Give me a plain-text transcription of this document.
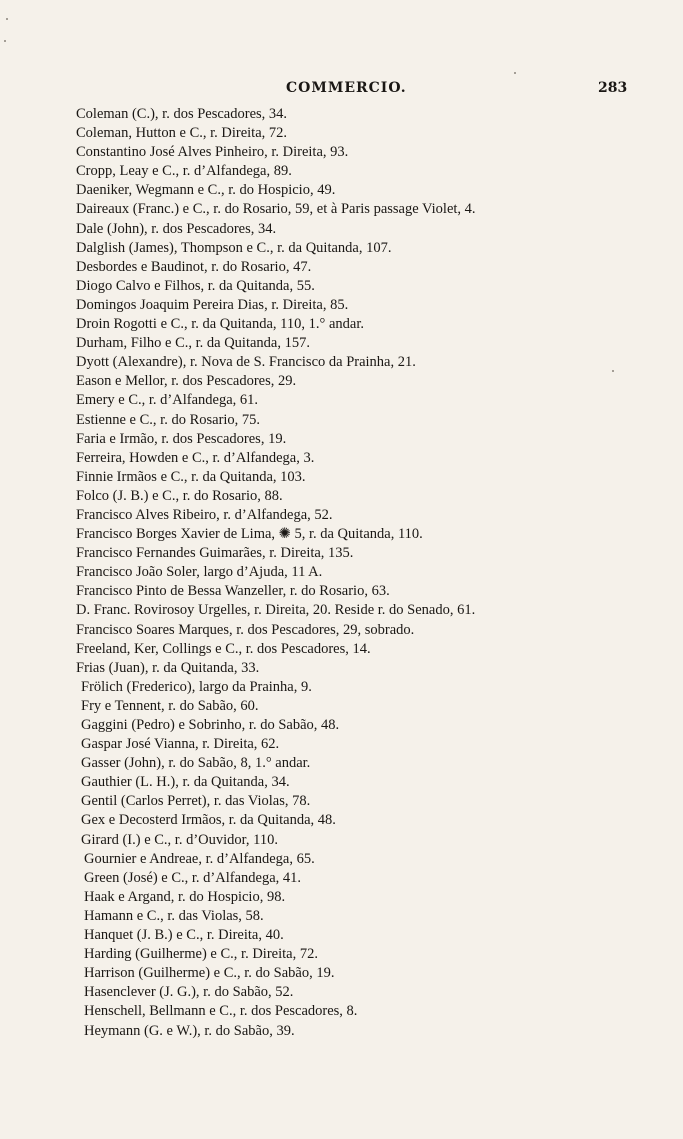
COMMERCIO.	283
Coleman (C.), r. dos Pescadores, 34.
Coleman, Hutton e C., r. Direita, 72.
Constantino José Alves Pinheiro, r. Direita, 93.
Cropp, Leay e C., r. d’Alfandega, 89.
Daeniker, Wegmann e C., r. do Hospicio, 49.
Daireaux (Franc.) e C., r. do Rosario, 59, et à Paris passage Violet, 4.
Dale (John), r. dos Pescadores, 34.
Dalglish (James), Thompson e C., r. da Quitanda, 107.
Desbordes e Baudinot, r. do Rosario, 47.
Diogo Calvo e Filhos, r. da Quitanda, 55.
Domingos Joaquim Pereira Dias, r. Direita, 85.
Droin Rogotti e C., r. da Quitanda, 110, 1.° andar.
Durham, Filho e C., r. da Quitanda, 157.
Dyott (Alexandre), r. Nova de S. Francisco da Prainha, 21.
Eason e Mellor, r. dos Pescadores, 29.
Emery e C., r. d’Alfandega, 61.
Estienne e C., r. do Rosario, 75.
Faria e Irmão, r. dos Pescadores, 19.
Ferreira, Howden e C., r. d’Alfandega, 3.
Finnie Irmãos e C., r. da Quitanda, 103.
Folco (J. B.) e C., r. do Rosario, 88.
Francisco Alves Ribeiro, r. d’Alfandega, 52.
Francisco Borges Xavier de Lima, ✺ 5, r. da Quitanda, 110.
Francisco Fernandes Guimarães, r. Direita, 135.
Francisco João Soler, largo d’Ajuda, 11 A.
Francisco Pinto de Bessa Wanzeller, r. do Rosario, 63.
D. Franc. Rovirosoy Urgelles, r. Direita, 20. Reside r. do Senado, 61.
Francisco Soares Marques, r. dos Pescadores, 29, sobrado.
Freeland, Ker, Collings e C., r. dos Pescadores, 14.
Frias (Juan), r. da Quitanda, 33.
Frölich (Frederico), largo da Prainha, 9.
Fry e Tennent, r. do Sabão, 60.
Gaggini (Pedro) e Sobrinho, r. do Sabão, 48.
Gaspar José Vianna, r. Direita, 62.
Gasser (John), r. do Sabão, 8, 1.° andar.
Gauthier (L. H.), r. da Quitanda, 34.
Gentil (Carlos Perret), r. das Violas, 78.
Gex e Decosterd Irmãos, r. da Quitanda, 48.
Girard (I.) e C., r. d’Ouvidor, 110.
Gournier e Andreae, r. d’Alfandega, 65.
Green (José) e C., r. d’Alfandega, 41.
Haak e Argand, r. do Hospicio, 98.
Hamann e C., r. das Violas, 58.
Hanquet (J. B.) e C., r. Direita, 40.
Harding (Guilherme) e C., r. Direita, 72.
Harrison (Guilherme) e C., r. do Sabão, 19.
Hasenclever (J. G.), r. do Sabão, 52.
Henschell, Bellmann e C., r. dos Pescadores, 8.
Heymann (G. e W.), r. do Sabão, 39.
